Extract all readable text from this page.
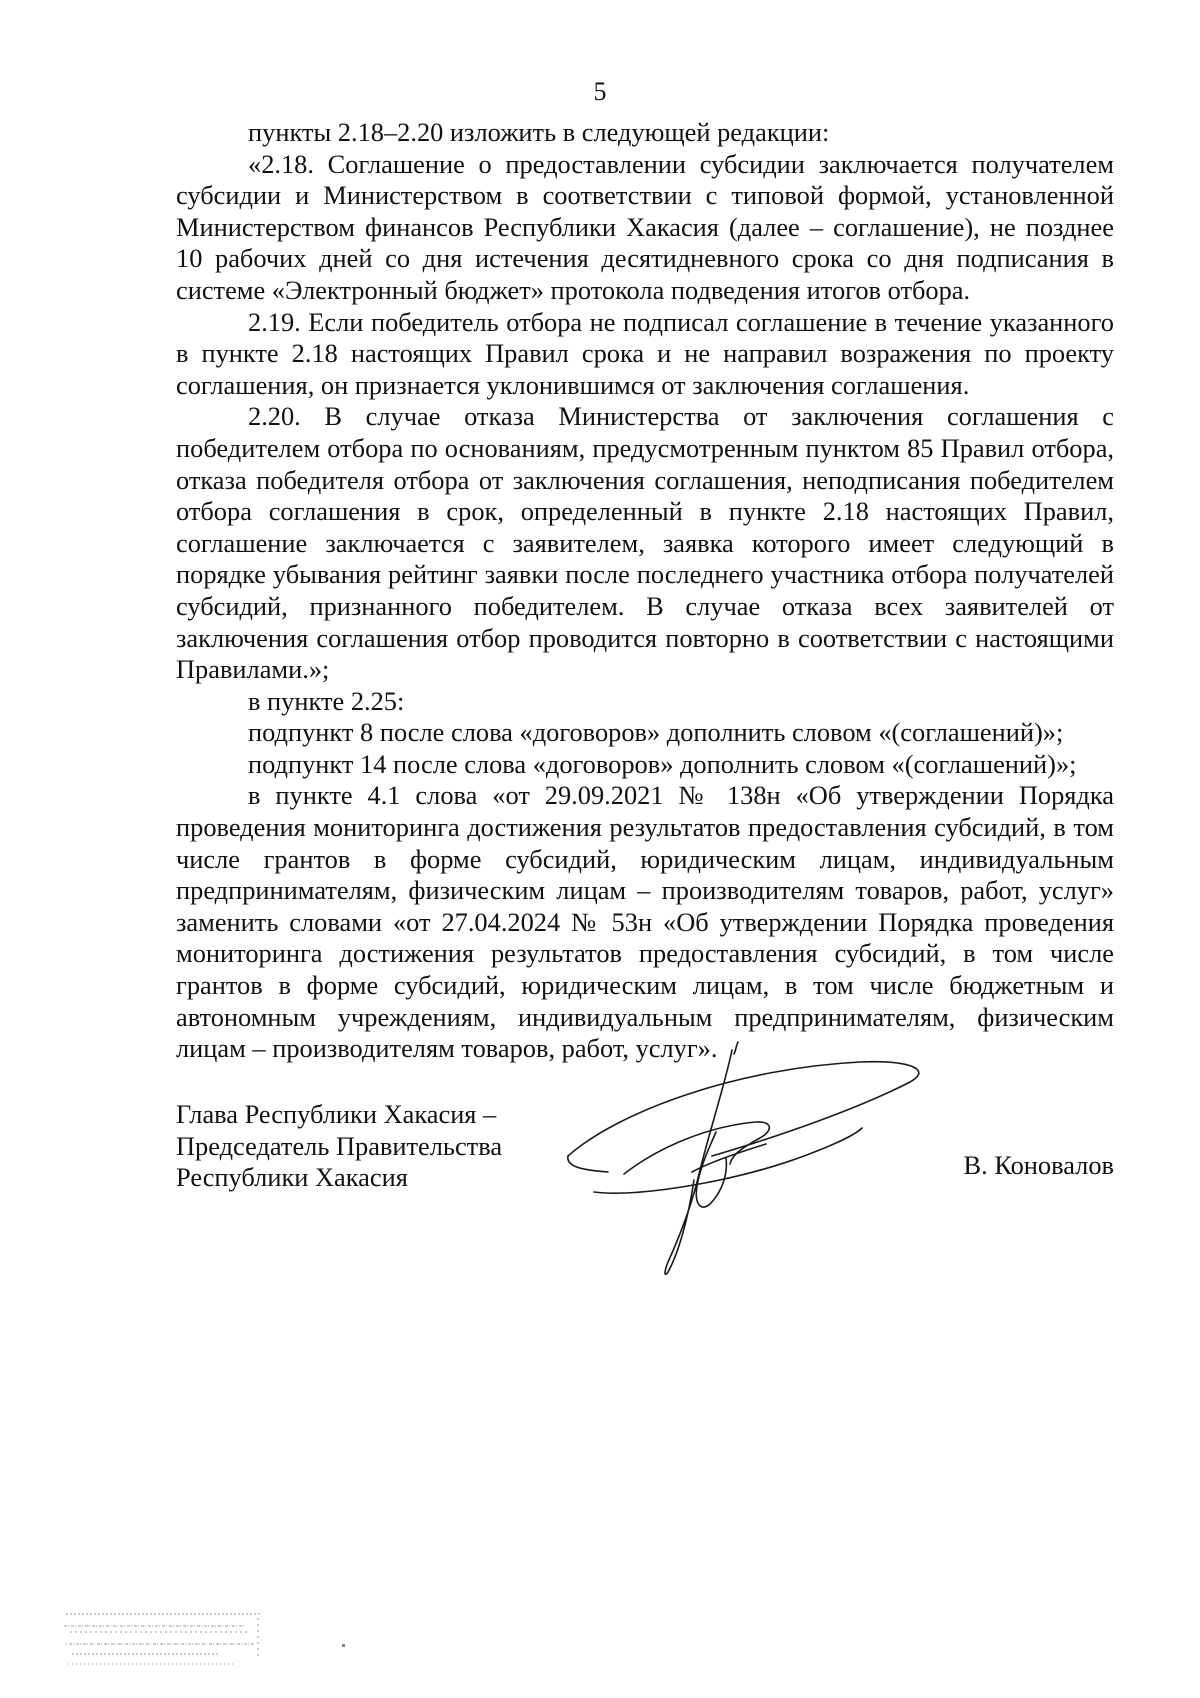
5

пункты 2.18–2.20 изложить в следующей редакции:

«2.18. Соглашение о предоставлении субсидии заключается получателем субсидии и Министерством в соответствии с типовой формой, установленной Министерством финансов Республики Хакасия (далее – соглашение), не позднее 10 рабочих дней со дня истечения десятидневного срока со дня подписания в системе «Электронный бюджет» протокола подведения итогов отбора.

2.19. Если победитель отбора не подписал соглашение в течение указанного в пункте 2.18 настоящих Правил срока и не направил возражения по проекту соглашения, он признается уклонившимся от заключения соглашения.

2.20. В случае отказа Министерства от заключения соглашения с победителем отбора по основаниям, предусмотренным пунктом 85 Правил отбора, отказа победителя отбора от заключения соглашения, неподписания победителем отбора соглашения в срок, определенный в пункте 2.18 настоящих Правил, соглашение заключается с заявителем, заявка которого имеет следующий в порядке убывания рейтинг заявки после последнего участника отбора получателей субсидий, признанного победителем. В случае отказа всех заявителей от заключения соглашения отбор проводится повторно в соответствии с настоящими Правилами.»;

в пункте 2.25:

подпункт 8 после слова «договоров» дополнить словом «(соглашений)»;

подпункт 14 после слова «договоров» дополнить словом «(соглашений)»;

в пункте 4.1 слова «от 29.09.2021 № 138н «Об утверждении Порядка проведения мониторинга достижения результатов предоставления субсидий, в том числе грантов в форме субсидий, юридическим лицам, индивидуальным предпринимателям, физическим лицам – производителям товаров, работ, услуг» заменить словами «от 27.04.2024 № 53н «Об утверждении Порядка проведения мониторинга достижения результатов предоставления субсидий, в том числе грантов в форме субсидий, юридическим лицам, в том числе бюджетным и автономным учреждениям, индивидуальным предпринимателям, физическим лицам – производителям товаров, работ, услуг».

Глава Республики Хакасия –
Председатель Правительства
Республики Хакасия	В. Коновалов
